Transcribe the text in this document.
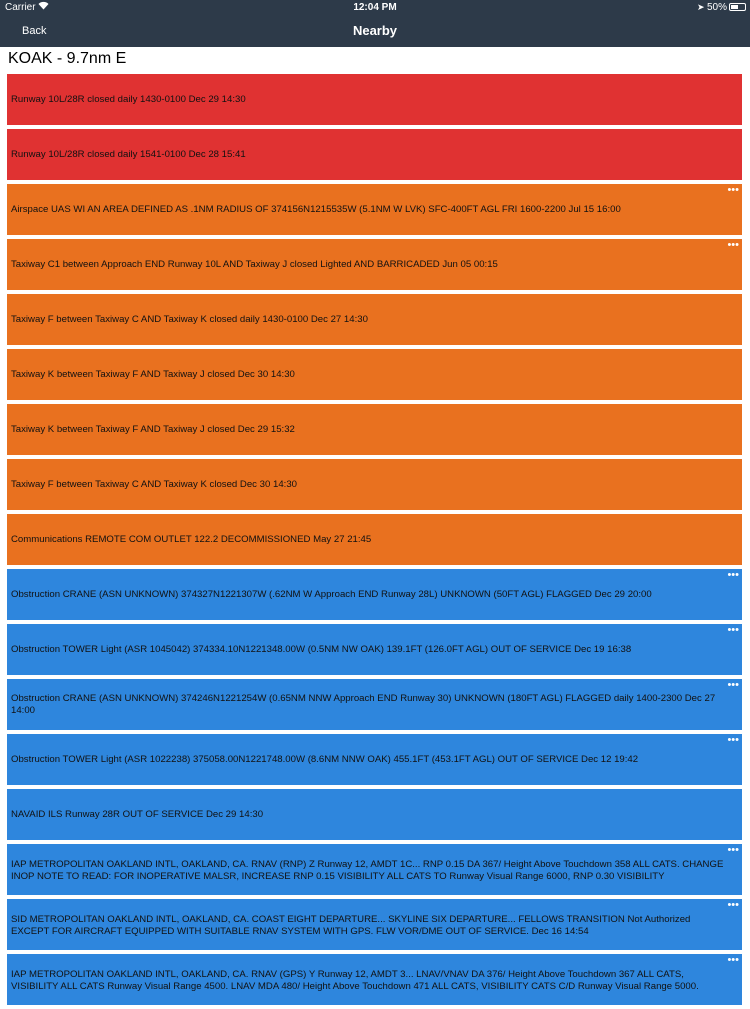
Carrier	12:04 PM	➤ 50%
Back	Nearby
KOAK - 9.7nm E
Runway 10L/28R closed daily 1430-0100 Dec 29 14:30
Runway 10L/28R closed daily 1541-0100 Dec 28 15:41
Airspace UAS WI AN AREA DEFINED AS .1NM RADIUS OF 374156N1215535W (5.1NM W LVK) SFC-400FT AGL FRI 1600-2200 Jul 15 16:00
•••
Taxiway C1 between Approach END Runway 10L AND Taxiway J closed Lighted AND BARRICADED Jun 05 00:15
•••
Taxiway F between Taxiway C AND Taxiway K closed daily 1430-0100 Dec 27 14:30
Taxiway K between Taxiway F AND Taxiway J closed Dec 30 14:30
Taxiway K between Taxiway F AND Taxiway J closed Dec 29 15:32
Taxiway F between Taxiway C AND Taxiway K closed Dec 30 14:30
Communications REMOTE COM OUTLET 122.2 DECOMMISSIONED May 27 21:45
Obstruction CRANE (ASN UNKNOWN) 374327N1221307W (.62NM W Approach END Runway 28L) UNKNOWN (50FT AGL) FLAGGED Dec 29 20:00
•••
Obstruction TOWER Light (ASR 1045042) 374334.10N1221348.00W (0.5NM NW OAK) 139.1FT (126.0FT AGL) OUT OF SERVICE Dec 19 16:38
•••
Obstruction CRANE (ASN UNKNOWN) 374246N1221254W (0.65NM NNW Approach END Runway 30) UNKNOWN (180FT AGL) FLAGGED daily 1400-2300 Dec 27 14:00
•••
Obstruction TOWER Light (ASR 1022238) 375058.00N1221748.00W (8.6NM NNW OAK) 455.1FT (453.1FT AGL) OUT OF SERVICE Dec 12 19:42
•••
NAVAID ILS Runway 28R OUT OF SERVICE Dec 29 14:30
IAP METROPOLITAN OAKLAND INTL, OAKLAND, CA. RNAV (RNP) Z Runway 12, AMDT 1C... RNP 0.15 DA 367/ Height Above Touchdown 358 ALL CATS. CHANGE INOP NOTE TO READ: FOR INOPERATIVE MALSR, INCREASE RNP 0.15 VISIBILITY ALL CATS TO Runway Visual Range 6000, RNP 0.30 VISIBILITY
•••
SID METROPOLITAN OAKLAND INTL, OAKLAND, CA. COAST EIGHT DEPARTURE... SKYLINE SIX DEPARTURE... FELLOWS TRANSITION Not Authorized EXCEPT FOR AIRCRAFT EQUIPPED WITH SUITABLE RNAV SYSTEM WITH GPS. FLW VOR/DME OUT OF SERVICE. Dec 16 14:54
•••
IAP METROPOLITAN OAKLAND INTL, OAKLAND, CA. RNAV (GPS) Y Runway 12, AMDT 3... LNAV/VNAV DA 376/ Height Above Touchdown 367 ALL CATS, VISIBILITY ALL CATS Runway Visual Range 4500. LNAV MDA 480/ Height Above Touchdown 471 ALL CATS, VISIBILITY CATS C/D Runway Visual Range 5000.
•••
